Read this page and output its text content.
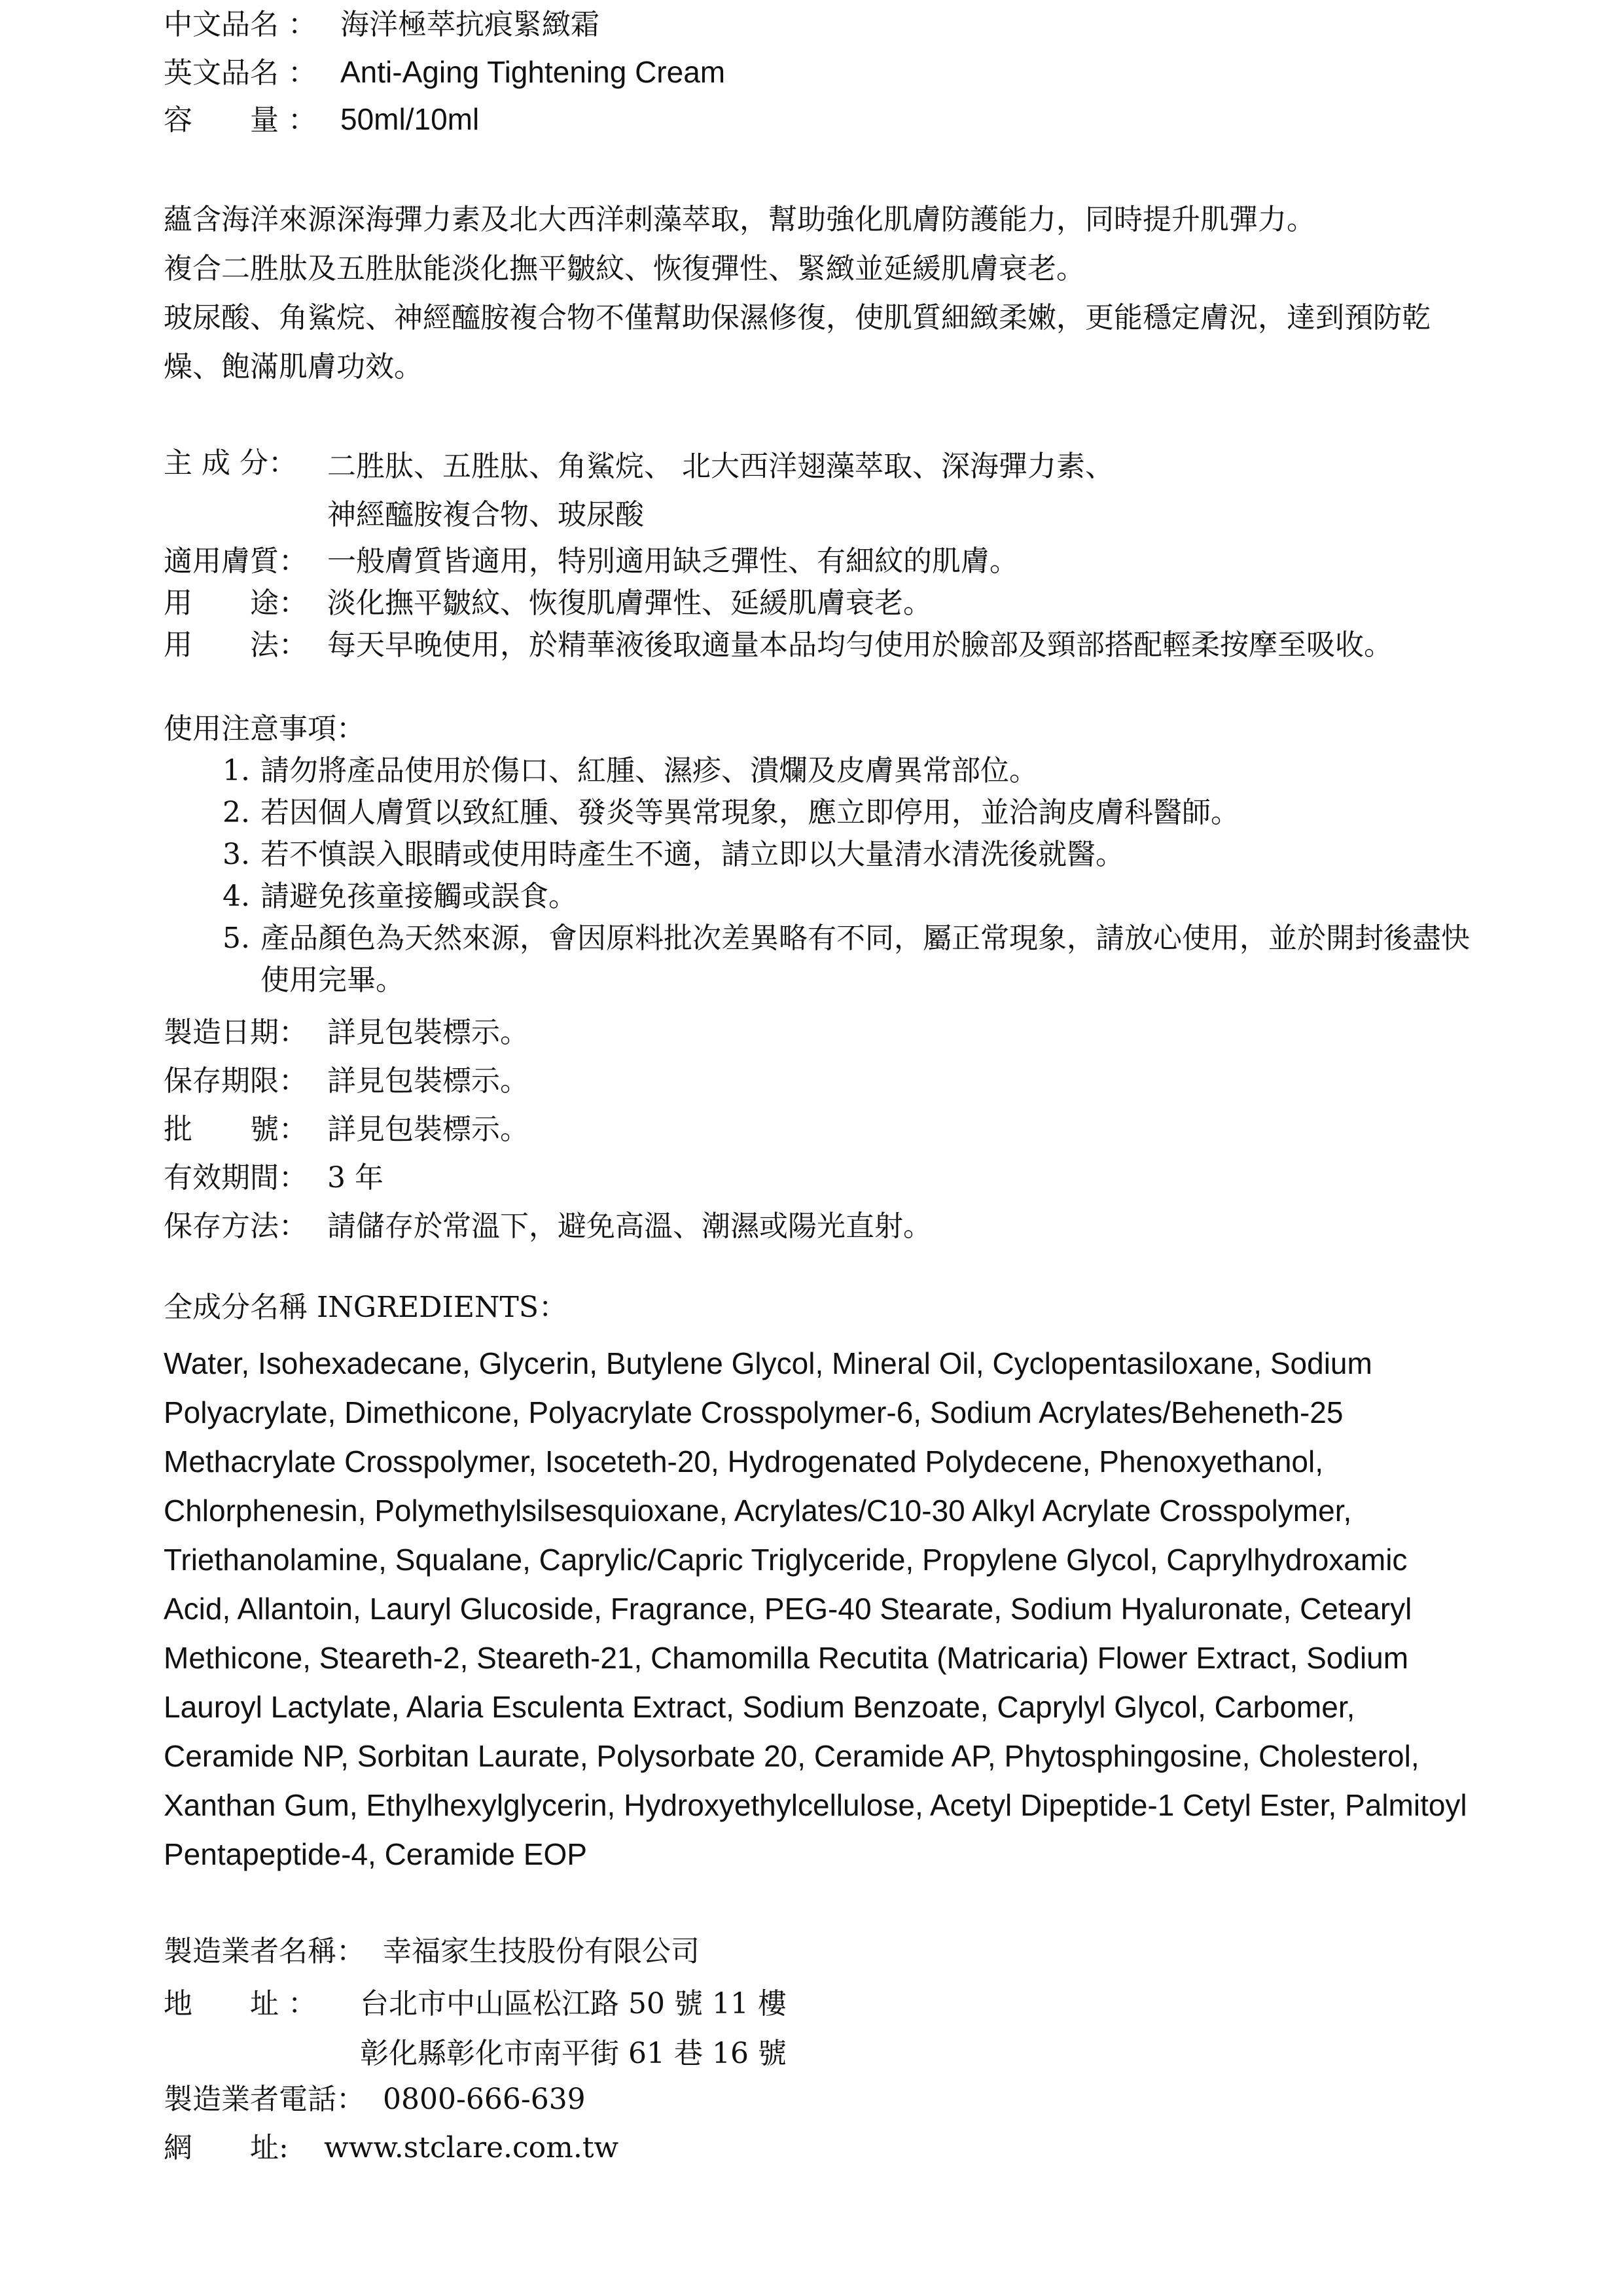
中文品名 ： 海洋極萃抗痕緊緻霜
英文品名 ： Anti-Aging Tightening Cream
容　　量 ： 50ml/10ml

蘊含海洋來源深海彈力素及北大西洋刺藻萃取，幫助強化肌膚防護能力，同時提升肌彈力。

複合二胜肽及五胜肽能淡化撫平皺紋、恢復彈性、緊緻並延緩肌膚衰老。

玻尿酸、角鯊烷、神經醯胺複合物不僅幫助保濕修復，使肌質細緻柔嫩，更能穩定膚況，達到預防乾燥、飽滿肌膚功效。

主 成 分： 二胜肽、五胜肽、角鯊烷、 北大西洋翅藻萃取、深海彈力素、
神經醯胺複合物、玻尿酸
適用膚質： 一般膚質皆適用，特別適用缺乏彈性、有細紋的肌膚。
用　　途： 淡化撫平皺紋、恢復肌膚彈性、延緩肌膚衰老。
用　　法： 每天早晚使用，於精華液後取適量本品均勻使用於臉部及頸部搭配輕柔按摩至吸收。
使用注意事項：
1. 請勿將產品使用於傷口、紅腫、濕疹、潰爛及皮膚異常部位。
2. 若因個人膚質以致紅腫、發炎等異常現象，應立即停用，並洽詢皮膚科醫師。
3. 若不慎誤入眼睛或使用時產生不適，請立即以大量清水清洗後就醫。
4. 請避免孩童接觸或誤食。
5. 產品顏色為天然來源，會因原料批次差異略有不同，屬正常現象，請放心使用，並於開封後盡快使用完畢。
製造日期： 詳見包裝標示。
保存期限： 詳見包裝標示。
批　　號： 詳見包裝標示。
有效期間： 3 年
保存方法： 請儲存於常溫下，避免高溫、潮濕或陽光直射。
全成分名稱 INGREDIENTS：
Water, Isohexadecane, Glycerin, Butylene Glycol, Mineral Oil, Cyclopentasiloxane, Sodium Polyacrylate, Dimethicone, Polyacrylate Crosspolymer-6, Sodium Acrylates/Beheneth-25 Methacrylate Crosspolymer, Isoceteth-20, Hydrogenated Polydecene, Phenoxyethanol, Chlorphenesin, Polymethylsilsesquioxane, Acrylates/C10-30 Alkyl Acrylate Crosspolymer, Triethanolamine, Squalane, Caprylic/Capric Triglyceride, Propylene Glycol, Caprylhydroxamic Acid, Allantoin, Lauryl Glucoside, Fragrance, PEG-40 Stearate, Sodium Hyaluronate, Cetearyl Methicone, Steareth-2, Steareth-21, Chamomilla Recutita (Matricaria) Flower Extract, Sodium Lauroyl Lactylate, Alaria Esculenta Extract, Sodium Benzoate, Caprylyl Glycol, Carbomer, Ceramide NP, Sorbitan Laurate, Polysorbate 20, Ceramide AP, Phytosphingosine, Cholesterol, Xanthan Gum, Ethylhexylglycerin, Hydroxyethylcellulose, Acetyl Dipeptide-1 Cetyl Ester, Palmitoyl Pentapeptide-4, Ceramide EOP
製造業者名稱： 幸福家生技股份有限公司
地　　址 ： 台北市中山區松江路 50 號 11 樓
彰化縣彰化市南平街 61 巷 16 號
製造業者電話： 0800-666-639
網　　址: www.stclare.com.tw
